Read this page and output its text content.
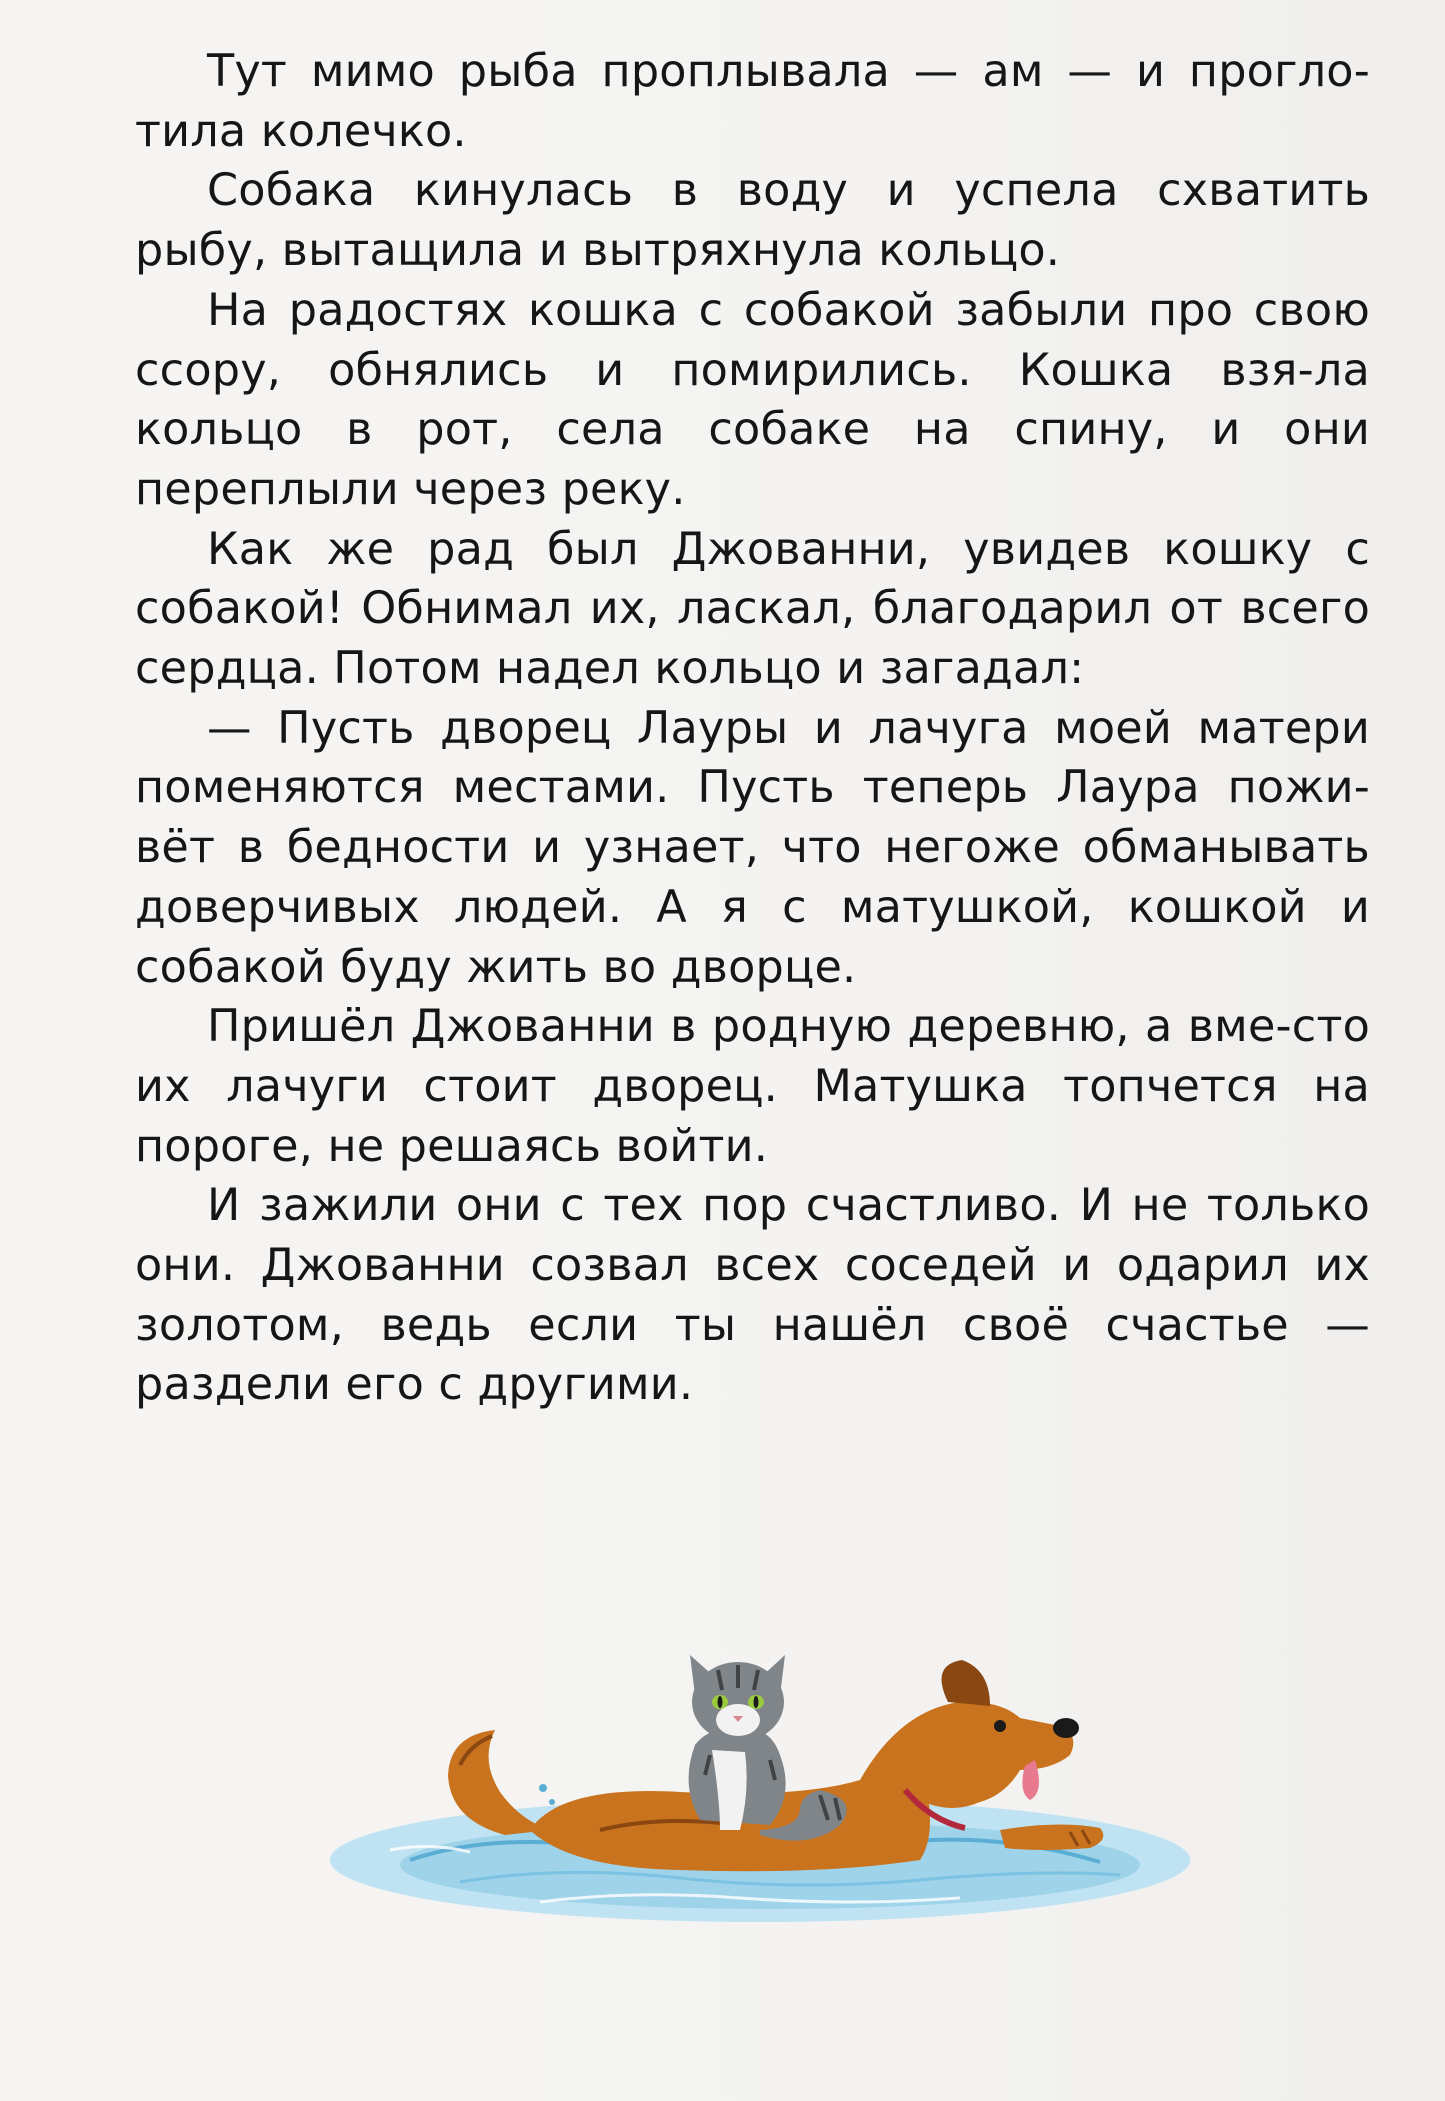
Тут мимо рыба проплывала — ам — и прогло-тила колечко.

Собака кинулась в воду и успела схватить рыбу, вытащила и вытряхнула кольцо.

На радостях кошка с собакой забыли про свою ссору, обнялись и помирились. Кошка взя-ла кольцо в рот, села собаке на спину, и они переплыли через реку.

Как же рад был Джованни, увидев кошку с собакой! Обнимал их, ласкал, благодарил от всего сердца. Потом надел кольцо и загадал:

— Пусть дворец Лауры и лачуга моей матери поменяются местами. Пусть теперь Лаура пожи-вёт в бедности и узнает, что негоже обманывать доверчивых людей. А я с матушкой, кошкой и собакой буду жить во дворце.

Пришёл Джованни в родную деревню, а вме-сто их лачуги стоит дворец. Матушка топчется на пороге, не решаясь войти.

И зажили они с тех пор счастливо. И не только они. Джованни созвал всех соседей и одарил их золотом, ведь если ты нашёл своё счастье — раздели его с другими.
